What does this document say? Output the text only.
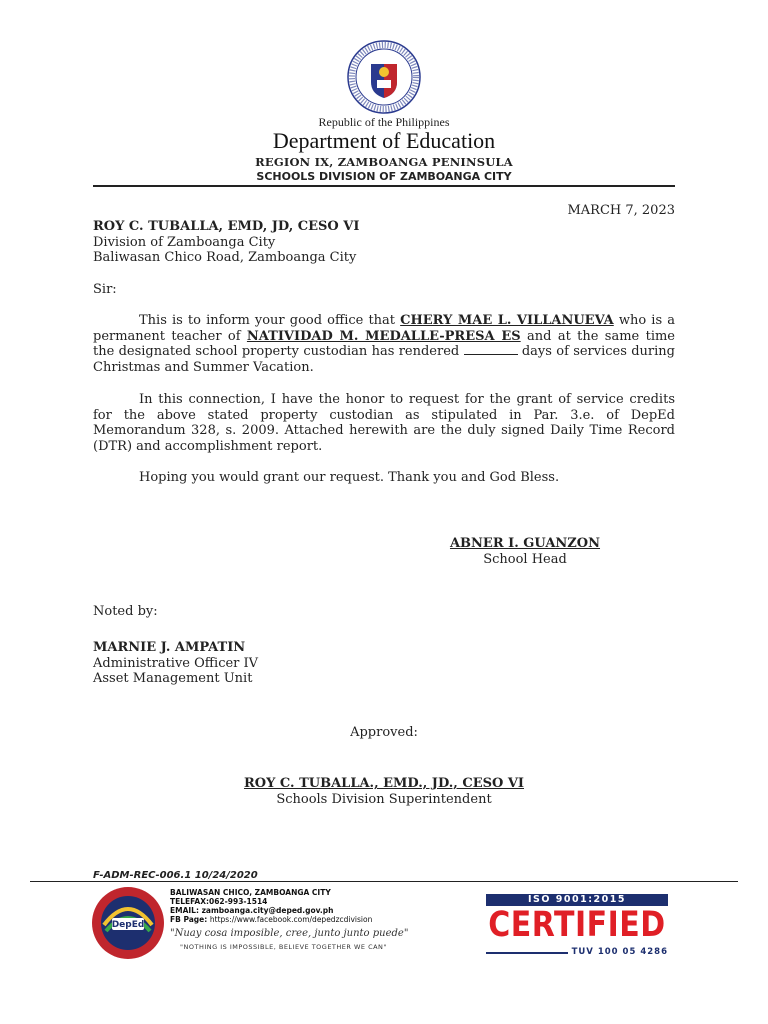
Republic of the Philippines
Department of Education
REGION IX, ZAMBOANGA PENINSULA
SCHOOLS DIVISION OF ZAMBOANGA CITY
MARCH 7, 2023
ROY C. TUBALLA, EMD, JD, CESO VI
Division of Zamboanga City
Baliwasan Chico Road, Zamboanga City
Sir:
This is to inform your good office that CHERY MAE L. VILLANUEVA who is a permanent teacher of NATIVIDAD M. MEDALLE-PRESA ES and at the same time the designated school property custodian has rendered	days of services during Christmas and Summer Vacation.
In this connection, I have the honor to request for the grant of service credits for the above stated property custodian as stipulated in Par. 3.e. of DepEd Memorandum 328, s. 2009. Attached herewith are the duly signed Daily Time Record (DTR) and accomplishment report.
Hoping you would grant our request. Thank you and God Bless.
ABNER I. GUANZON
School Head
Noted by:
MARNIE J. AMPATIN
Administrative Officer IV
Asset Management Unit
Approved:
ROY C. TUBALLA., EMD., JD., CESO VI
Schools Division Superintendent
F-ADM-REC-006.1 10/24/2020
DepEd
BALIWASAN CHICO, ZAMBOANGA CITY
TELEFAX:062-993-1514
EMAIL: zamboanga.city@deped.gov.ph
FB Page: https://www.facebook.com/depedzcdivision
"Nuay cosa imposible, cree, junto junto puede"
"NOTHING IS IMPOSSIBLE, BELIEVE TOGETHER WE CAN"
ISO 9001:2015
CERTIFIED
TUV 100 05 4286
